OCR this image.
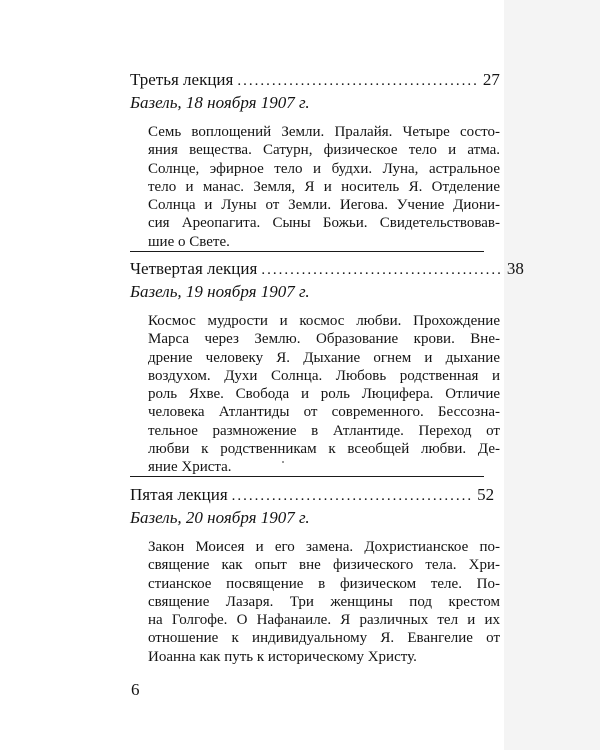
Третья лекция .......................................... 27
Базель, 18 ноября 1907 г.
Семь воплощений Земли. Пралайя. Четыре состо-
яния вещества. Сатурн, физическое тело и атма.
Солнце, эфирное тело и будхи. Луна, астральное
тело и манас. Земля, Я и носитель Я. Отделение
Солнца и Луны от Земли. Иегова. Учение Диони-
сия Ареопагита. Сыны Божьи. Свидетельствовав-
шие о Свете.
Четвертая лекция .......................................... 38
Базель, 19 ноября 1907 г.
Космос мудрости и космос любви. Прохождение
Марса через Землю. Образование крови. Вне-
дрение человеку Я. Дыхание огнем и дыхание
воздухом. Духи Солнца. Любовь родственная и
роль Яхве. Свобода и роль Люцифера. Отличие
человека Атлантиды от современного. Бессозна-
тельное размножение в Атлантиде. Переход от
любви к родственникам к всеобщей любви. Де-
яние Христа.
Пятая лекция .......................................... 52
Базель, 20 ноября 1907 г.
Закон Моисея и его замена. Дохристианское по-
священие как опыт вне физического тела. Хри-
стианское посвящение в физическом теле. По-
священие Лазаря. Три женщины под крестом
на Голгофе. О Нафанаиле. Я различных тел и их
отношение к индивидуальному Я. Евангелие от
Иоанна как путь к историческому Христу.
6
